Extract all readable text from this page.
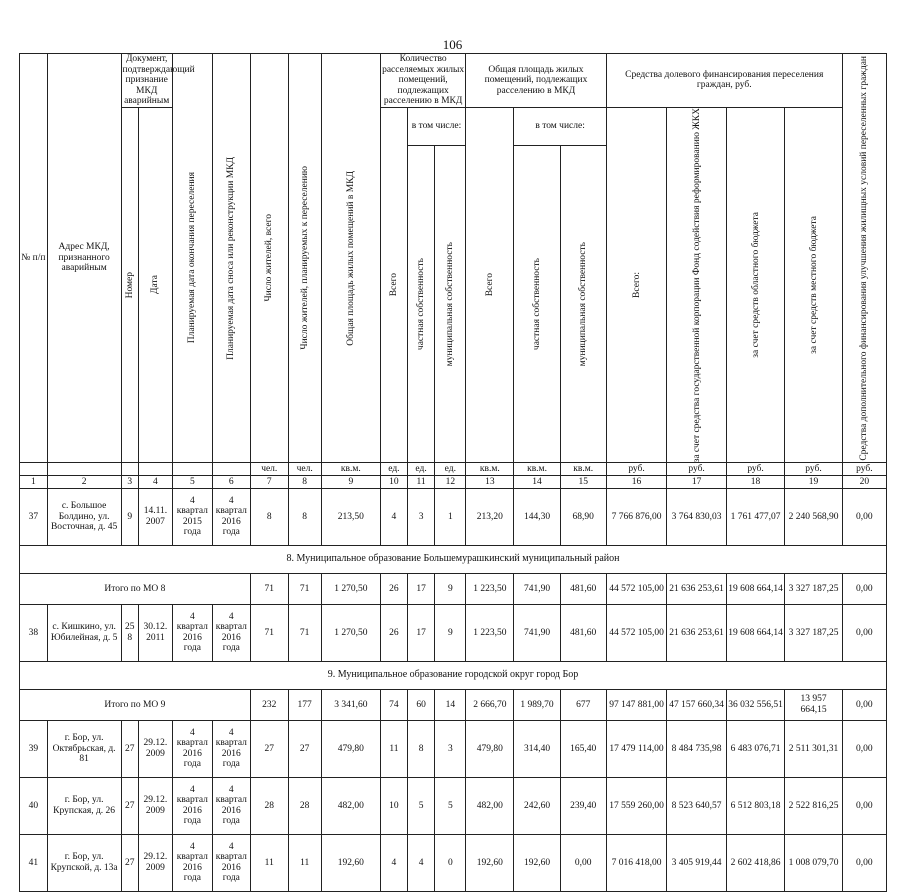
106
№ п/п	Адрес МКД, признанного аварийным	Документ, подтверждающий признание МКД аварийным		Планируемая дата окончания переселения	Планируемая дата сноса или реконструкции МКД	Число жителей, всего	Число жителей, планируемых к переселению	Общая площадь жилых помещений в МКД	Количество расселяемых жилых помещений, подлежащих расселению в МКД			Общая площадь жилых помещений, подлежащих расселению в МКД			Средства долевого финансирования переселения граждан, руб.				Средства дополнительного финансирования улучшения жилищных условий переселенных граждан

		Номер	Дата						Всего	в том числе:		Всего	в том числе:		Всего:	за счет средства государственной корпорации Фонд содействия реформированию ЖКХ	за счет средств областного бюджета	за счет средств местного бюджета	

										частная собственность	муниципальная собственность		частная собственность	муниципальная собственность					

						чел.	чел.	кв.м.	ед.	ед.	ед.	кв.м.	кв.м.	кв.м.	руб.	руб.	руб.	руб.	руб.
1	2	3	4	5	6	7	8	9	10	11	12	13	14	15	16	17	18	19	20
37	с. Большое Болдино, ул. Восточная, д. 45	9	14.11. 2007	4 квартал 2015 года	4 квартал 2016 года	8	8	213,50	4	3	1	213,20	144,30	68,90	7 766 876,00	3 764 830,03	1 761 477,07	2 240 568,90	0,00
8. Муниципальное образование Большемурашкинский муниципальный район																			
Итого по МО 8						71	71	1 270,50	26	17	9	1 223,50	741,90	481,60	44 572 105,00	21 636 253,61	19 608 664,14	3 327 187,25	0,00
38	с. Кишкино, ул. Юбилейная, д. 5	25 8	30.12. 2011	4 квартал 2016 года	4 квартал 2016 года	71	71	1 270,50	26	17	9	1 223,50	741,90	481,60	44 572 105,00	21 636 253,61	19 608 664,14	3 327 187,25	0,00
9. Муниципальное образование городской округ город Бор																			
Итого по МО 9						232	177	3 341,60	74	60	14	2 666,70	1 989,70	677	97 147 881,00	47 157 660,34	36 032 556,51	13 957 664,15	0,00
39	г. Бор, ул. Октябрьская, д. 81	27	29.12. 2009	4 квартал 2016 года	4 квартал 2016 года	27	27	479,80	11	8	3	479,80	314,40	165,40	17 479 114,00	8 484 735,98	6 483 076,71	2 511 301,31	0,00
40	г. Бор, ул. Крупская, д. 26	27	29.12. 2009	4 квартал 2016 года	4 квартал 2016 года	28	28	482,00	10	5	5	482,00	242,60	239,40	17 559 260,00	8 523 640,57	6 512 803,18	2 522 816,25	0,00
41	г. Бор, ул. Крупской, д. 13а	27	29.12. 2009	4 квартал 2016 года	4 квартал 2016 года	11	11	192,60	4	4	0	192,60	192,60	0,00	7 016 418,00	3 405 919,44	2 602 418,86	1 008 079,70	0,00
